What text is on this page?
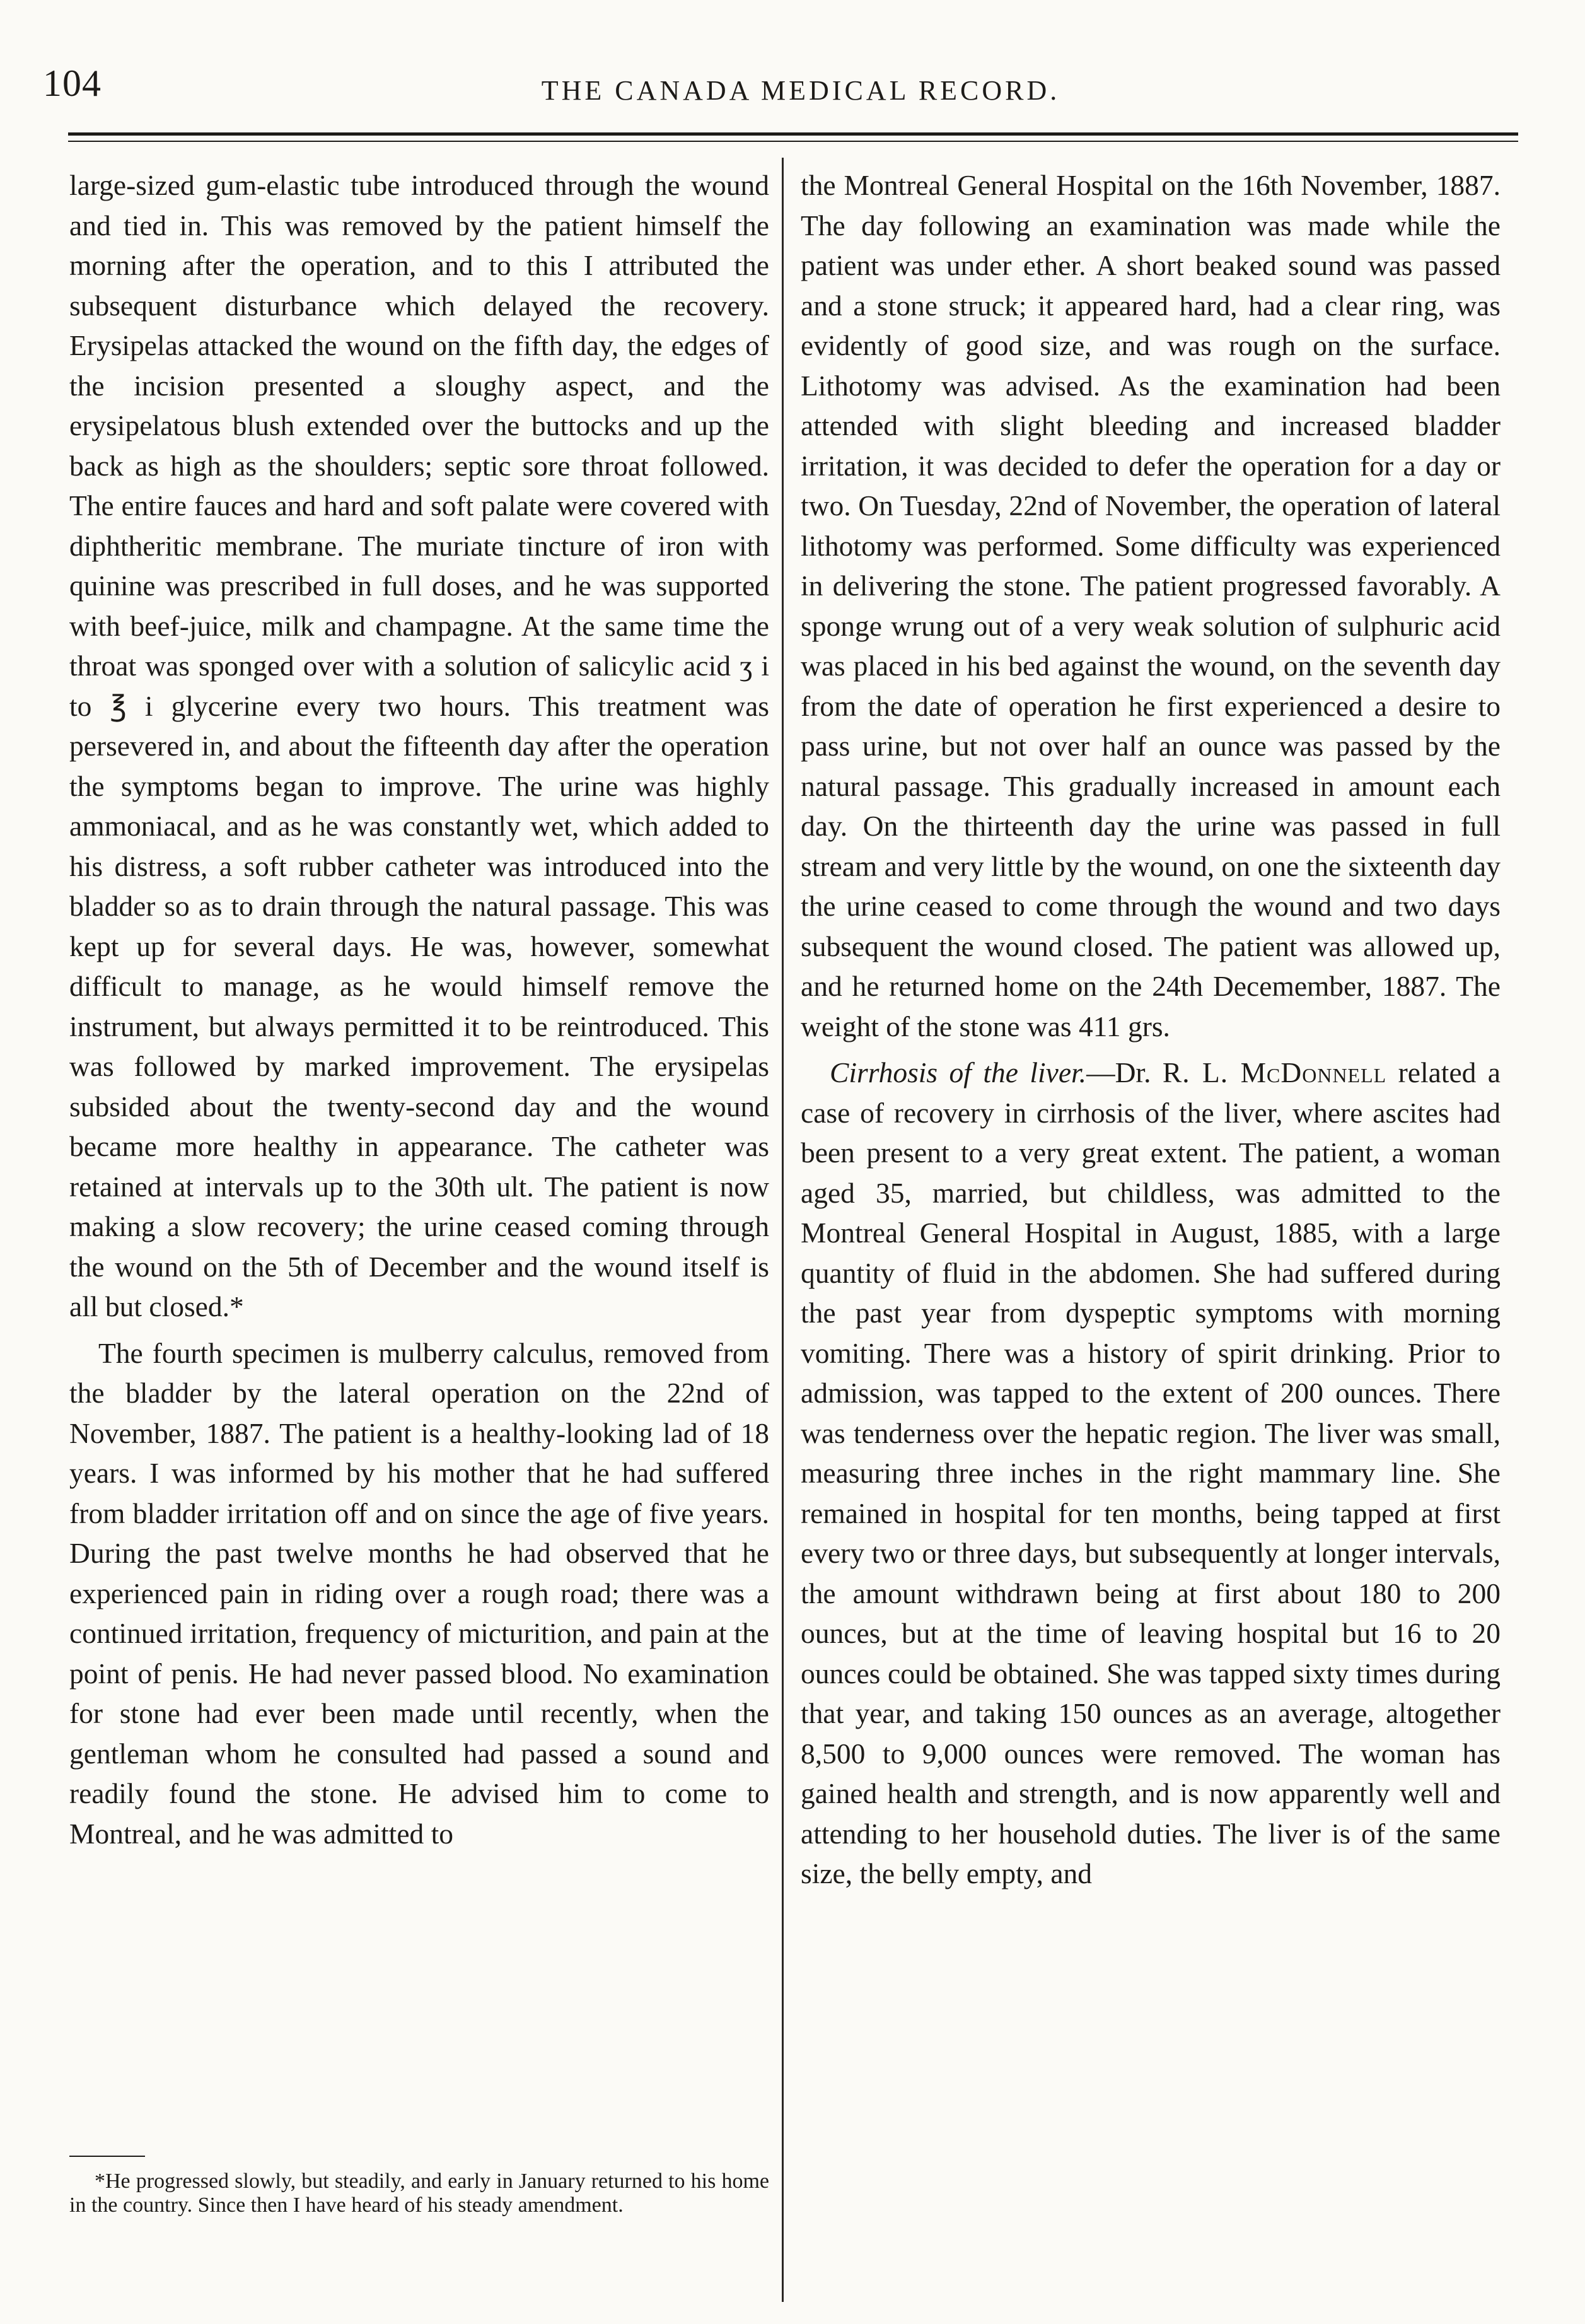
104	THE CANADA MEDICAL RECORD.

large-sized gum-elastic tube introduced through the wound and tied in. This was removed by the patient himself the morning after the operation, and to this I attributed the subsequent disturbance which delayed the recovery. Erysipelas attacked the wound on the fifth day, the edges of the incision presented a sloughy aspect, and the erysipelatous blush extended over the buttocks and up the back as high as the shoulders; septic sore throat followed. The entire fauces and hard and soft palate were covered with diphtheritic membrane. The muriate tincture of iron with quinine was prescribed in full doses, and he was supported with beef-juice, milk and champagne. At the same time the throat was sponged over with a solution of salicylic acid ʒ i to ℥ i glycerine every two hours. This treatment was persevered in, and about the fifteenth day after the operation the symptoms began to improve. The urine was highly ammoniacal, and as he was constantly wet, which added to his distress, a soft rubber catheter was introduced into the bladder so as to drain through the natural passage. This was kept up for several days. He was, however, somewhat difficult to manage, as he would himself remove the instrument, but always permitted it to be reintroduced. This was followed by marked improvement. The erysipelas subsided about the twenty-second day and the wound became more healthy in appearance. The catheter was retained at intervals up to the 30th ult. The patient is now making a slow recovery; the urine ceased coming through the wound on the 5th of December and the wound itself is all but closed.*

The fourth specimen is mulberry calculus, removed from the bladder by the lateral operation on the 22nd of November, 1887. The patient is a healthy-looking lad of 18 years. I was informed by his mother that he had suffered from bladder irritation off and on since the age of five years. During the past twelve months he had observed that he experienced pain in riding over a rough road; there was a continued irritation, frequency of micturition, and pain at the point of penis. He had never passed blood. No examination for stone had ever been made until recently, when the gentleman whom he consulted had passed a sound and readily found the stone. He advised him to come to Montreal, and he was admitted to

the Montreal General Hospital on the 16th November, 1887. The day following an examination was made while the patient was under ether. A short beaked sound was passed and a stone struck; it appeared hard, had a clear ring, was evidently of good size, and was rough on the surface. Lithotomy was advised. As the examination had been attended with slight bleeding and increased bladder irritation, it was decided to defer the operation for a day or two. On Tuesday, 22nd of November, the operation of lateral lithotomy was performed. Some difficulty was experienced in delivering the stone. The patient progressed favorably. A sponge wrung out of a very weak solution of sulphuric acid was placed in his bed against the wound, on the seventh day from the date of operation he first experienced a desire to pass urine, but not over half an ounce was passed by the natural passage. This gradually increased in amount each day. On the thirteenth day the urine was passed in full stream and very little by the wound, on one the sixteenth day the urine ceased to come through the wound and two days subsequent the wound closed. The patient was allowed up, and he returned home on the 24th Decemember, 1887. The weight of the stone was 411 grs.

Cirrhosis of the liver.—Dr. R. L. McDonnell related a case of recovery in cirrhosis of the liver, where ascites had been present to a very great extent. The patient, a woman aged 35, married, but childless, was admitted to the Montreal General Hospital in August, 1885, with a large quantity of fluid in the abdomen. She had suffered during the past year from dyspeptic symptoms with morning vomiting. There was a history of spirit drinking. Prior to admission, was tapped to the extent of 200 ounces. There was tenderness over the hepatic region. The liver was small, measuring three inches in the right mammary line. She remained in hospital for ten months, being tapped at first every two or three days, but subsequently at longer intervals, the amount withdrawn being at first about 180 to 200 ounces, but at the time of leaving hospital but 16 to 20 ounces could be obtained. She was tapped sixty times during that year, and taking 150 ounces as an average, altogether 8,500 to 9,000 ounces were removed. The woman has gained health and strength, and is now apparently well and attending to her household duties. The liver is of the same size, the belly empty, and

*He progressed slowly, but steadily, and early in January returned to his home in the country. Since then I have heard of his steady amendment.
